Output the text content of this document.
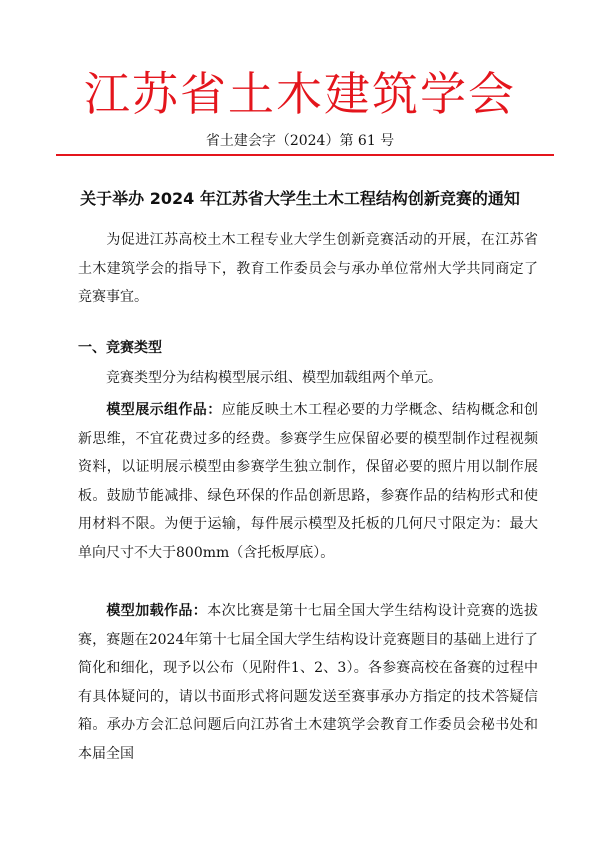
江苏省土木建筑学会
省土建会字（2024）第 61 号
关于举办 2024 年江苏省大学生土木工程结构创新竞赛的通知
为促进江苏高校土木工程专业大学生创新竞赛活动的开展，在江苏省土木建筑学会的指导下，教育工作委员会与承办单位常州大学共同商定了竞赛事宜。
一、竞赛类型
竞赛类型分为结构模型展示组、模型加载组两个单元。
模型展示组作品：应能反映土木工程必要的力学概念、结构概念和创新思维，不宜花费过多的经费。参赛学生应保留必要的模型制作过程视频资料，以证明展示模型由参赛学生独立制作，保留必要的照片用以制作展板。鼓励节能减排、绿色环保的作品创新思路，参赛作品的结构形式和使用材料不限。为便于运输，每件展示模型及托板的几何尺寸限定为：最大单向尺寸不大于800mm（含托板厚底）。
模型加载作品：本次比赛是第十七届全国大学生结构设计竞赛的选拔赛，赛题在2024年第十七届全国大学生结构设计竞赛题目的基础上进行了简化和细化，现予以公布（见附件1、2、3）。各参赛高校在备赛的过程中有具体疑问的，请以书面形式将问题发送至赛事承办方指定的技术答疑信箱。承办方会汇总问题后向江苏省土木建筑学会教育工作委员会秘书处和本届全国
